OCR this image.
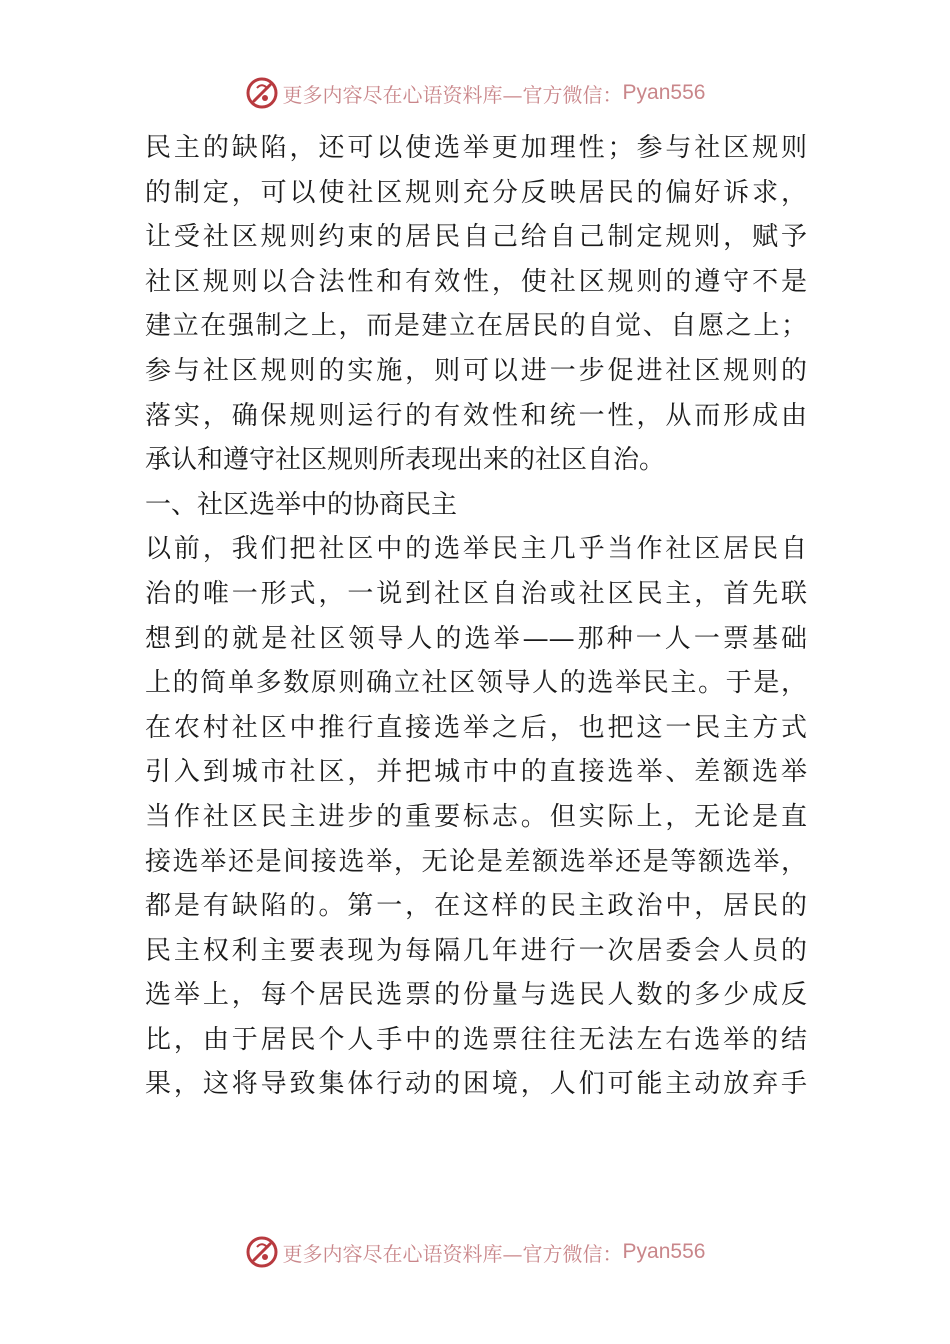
更多内容尽在心语资料库—官方微信： Pyan556
民主的缺陷，还可以使选举更加理性；参与社区规则
的制定，可以使社区规则充分反映居民的偏好诉求，
让受社区规则约束的居民自己给自己制定规则，赋予
社区规则以合法性和有效性，使社区规则的遵守不是
建立在强制之上，而是建立在居民的自觉、自愿之上；
参与社区规则的实施，则可以进一步促进社区规则的
落实，确保规则运行的有效性和统一性，从而形成由
承认和遵守社区规则所表现出来的社区自治。
一、社区选举中的协商民主
以前，我们把社区中的选举民主几乎当作社区居民自
治的唯一形式，一说到社区自治或社区民主，首先联
想到的就是社区领导人的选举——那种一人一票基础
上的简单多数原则确立社区领导人的选举民主。于是，
在农村社区中推行直接选举之后，也把这一民主方式
引入到城市社区，并把城市中的直接选举、差额选举
当作社区民主进步的重要标志。但实际上，无论是直
接选举还是间接选举，无论是差额选举还是等额选举，
都是有缺陷的。第一，在这样的民主政治中，居民的
民主权利主要表现为每隔几年进行一次居委会人员的
选举上，每个居民选票的份量与选民人数的多少成反
比，由于居民个人手中的选票往往无法左右选举的结
果，这将导致集体行动的困境，人们可能主动放弃手
更多内容尽在心语资料库—官方微信： Pyan556
